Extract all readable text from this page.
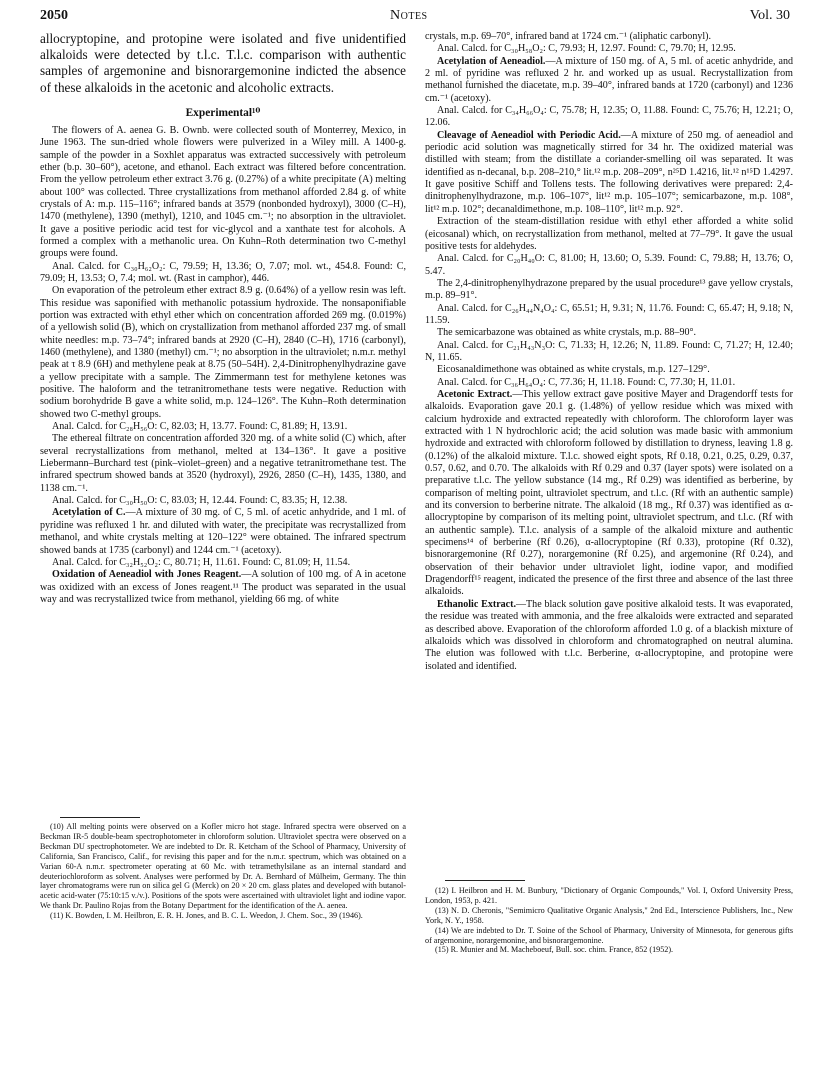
2050	Notes	Vol. 30

allocryptopine, and protopine were isolated and five unidentified alkaloids were detected by t.l.c. T.l.c. comparison with authentic samples of argemonine and bisnorargemonine indicted the absence of these alkaloids in the acetonic and alcoholic extracts.

Experimental¹⁰

The flowers of A. aenea G. B. Ownb. were collected south of Monterrey, Mexico, in June 1963. The sun-dried whole flowers were pulverized in a Wiley mill. A 1400-g. sample of the powder in a Soxhlet apparatus was extracted successively with petroleum ether (b.p. 30–60°), acetone, and ethanol. Each extract was filtered before concentration. From the yellow petroleum ether extract 3.76 g. (0.27%) of a white precipitate (A) melting about 100° was collected. Three crystallizations from methanol afforded 2.84 g. of white crystals of A: m.p. 115–116°; infrared bands at 3579 (nonbonded hydroxyl), 3000 (C–H), 1470 (methylene), 1390 (methyl), 1210, and 1045 cm.⁻¹; no absorption in the ultraviolet. It gave a positive periodic acid test for vic-glycol and a xanthate test for alcohols. A formed a complex with a methanolic urea. On Kuhn–Roth determination two C-methyl groups were found.

Anal. Calcd. for C₃₀H₆₂O₂: C, 79.59; H, 13.36; O, 7.07; mol. wt., 454.8. Found: C, 79.09; H, 13.53; O, 7.4; mol. wt. (Rast in camphor), 446.

On evaporation of the petroleum ether extract 8.9 g. (0.64%) of a yellow resin was left. This residue was saponified with methanolic potassium hydroxide. The nonsaponifiable portion was extracted with ethyl ether which on concentration afforded 269 mg. (0.019%) of a yellowish solid (B), which on crystallization from methanol afforded 237 mg. of small white needles: m.p. 73–74°; infrared bands at 2920 (C–H), 2840 (C–H), 1716 (carbonyl), 1460 (methylene), and 1380 (methyl) cm.⁻¹; no absorption in the ultraviolet; n.m.r. methyl peak at τ 8.9 (6H) and methylene peak at 8.75 (50–54H). 2,4-Dinitrophenylhydrazine gave a yellow precipitate with a sample. The Zimmermann test for methylene ketones was positive. The haloform and the tetranitromethane tests were negative. Reduction with sodium borohydride B gave a white solid, m.p. 124–126°. The Kuhn–Roth determination showed two C-methyl groups.

Anal. Calcd. for C₂₈H₅₆O: C, 82.03; H, 13.77. Found: C, 81.89; H, 13.91.

The ethereal filtrate on concentration afforded 320 mg. of a white solid (C) which, after several recrystallizations from methanol, melted at 134–136°. It gave a positive Liebermann–Burchard test (pink–violet–green) and a negative tetranitromethane test. The infrared spectrum showed bands at 3520 (hydroxyl), 2926, 2850 (C–H), 1435, 1380, and 1138 cm.⁻¹.

Anal. Calcd. for C₃₀H₅₀O: C, 83.03; H, 12.44. Found: C, 83.35; H, 12.38.

Acetylation of C.—A mixture of 30 mg. of C, 5 ml. of acetic anhydride, and 1 ml. of pyridine was refluxed 1 hr. and diluted with water, the precipitate was recrystallized from methanol, and white crystals melting at 120–122° were obtained. The infrared spectrum showed bands at 1735 (carbonyl) and 1244 cm.⁻¹ (acetoxy).

Anal. Calcd. for C₃₂H₅₂O₂: C, 80.71; H, 11.61. Found: C, 81.09; H, 11.54.

Oxidation of Aeneadiol with Jones Reagent.—A solution of 100 mg. of A in acetone was oxidized with an excess of Jones reagent.¹¹ The product was separated in the usual way and was recrystallized twice from methanol, yielding 66 mg. of white

crystals, m.p. 69–70°, infrared band at 1724 cm.⁻¹ (aliphatic carbonyl).

Anal. Calcd. for C₃₀H₅₈O₂: C, 79.93; H, 12.97. Found: C, 79.70; H, 12.95.

Acetylation of Aeneadiol.—A mixture of 150 mg. of A, 5 ml. of acetic anhydride, and 2 ml. of pyridine was refluxed 2 hr. and worked up as usual. Recrystallization from methanol furnished the diacetate, m.p. 39–40°, infrared bands at 1720 (carbonyl) and 1236 cm.⁻¹ (acetoxy).

Anal. Calcd. for C₃₄H₆₆O₄: C, 75.78; H, 12.35; O, 11.88. Found: C, 75.76; H, 12.21; O, 12.06.

Cleavage of Aeneadiol with Periodic Acid.—A mixture of 250 mg. of aeneadiol and periodic acid solution was magnetically stirred for 34 hr. The oxidized material was distilled with steam; from the distillate a coriander-smelling oil was separated. It was identified as n-decanal, b.p. 208–210,° lit.¹² m.p. 208–209°, n²⁵D 1.4216, lit.¹² n¹⁵D 1.4297. It gave positive Schiff and Tollens tests. The following derivatives were prepared: 2,4-dinitrophenylhydrazone, m.p. 106–107°, lit¹² m.p. 105–107°; semicarbazone, m.p. 108°, lit¹² m.p. 102°; decanaldimethone, m.p. 108–110°, lit¹² m.p. 92°.

Extraction of the steam-distillation residue with ethyl ether afforded a white solid (eicosanal) which, on recrystallization from methanol, melted at 77–79°. It gave the usual positive tests for aldehydes.

Anal. Calcd. for C₂₀H₄₀O: C, 81.00; H, 13.60; O, 5.39. Found: C, 79.88; H, 13.76; O, 5.47.

The 2,4-dinitrophenylhydrazone prepared by the usual procedure¹³ gave yellow crystals, m.p. 89–91°.

Anal. Calcd. for C₂₆H₄₄N₄O₄: C, 65.51; H, 9.31; N, 11.76. Found: C, 65.47; H, 9.18; N, 11.59.

The semicarbazone was obtained as white crystals, m.p. 88–90°.

Anal. Calcd. for C₂₁H₄₃N₃O: C, 71.33; H, 12.26; N, 11.89. Found: C, 71.27; H, 12.40; N, 11.65.

Eicosanaldimethone was obtained as white crystals, m.p. 127–129°.

Anal. Calcd. for C₃₆H₆₄O₄: C, 77.36; H, 11.18. Found: C, 77.30; H, 11.01.

Acetonic Extract.—This yellow extract gave positive Mayer and Dragendorff tests for alkaloids. Evaporation gave 20.1 g. (1.48%) of yellow residue which was mixed with calcium hydroxide and extracted repeatedly with chloroform. The chloroform layer was extracted with 1 N hydrochloric acid; the acid solution was made basic with ammonium hydroxide and extracted with chloroform followed by distillation to dryness, leaving 1.8 g. (0.12%) of the alkaloid mixture. T.l.c. showed eight spots, Rf 0.18, 0.21, 0.25, 0.29, 0.37, 0.57, 0.62, and 0.70. The alkaloids with Rf 0.29 and 0.37 (layer spots) were isolated on a preparative t.l.c. The yellow substance (14 mg., Rf 0.29) was identified as berberine, by comparison of melting point, ultraviolet spectrum, and t.l.c. (Rf with an authentic sample) and its conversion to berberine nitrate. The alkaloid (18 mg., Rf 0.37) was identified as α-allocryptopine by comparison of its melting point, ultraviolet spectrum, and t.l.c. (Rf with an authentic sample). T.l.c. analysis of a sample of the alkaloid mixture and authentic specimens¹⁴ of berberine (Rf 0.26), α-allocryptopine (Rf 0.33), protopine (Rf 0.32), bisnorargemonine (Rf 0.27), norargemonine (Rf 0.25), and argemonine (Rf 0.24), and observation of their behavior under ultraviolet light, iodine vapor, and modified Dragendorff¹⁵ reagent, indicated the presence of the first three and absence of the last three alkaloids.

Ethanolic Extract.—The black solution gave positive alkaloid tests. It was evaporated, the residue was treated with ammonia, and the free alkaloids were extracted and separated as described above. Evaporation of the chloroform afforded 1.0 g. of a blackish mixture of alkaloids which was dissolved in chloroform and chromatographed on neutral alumina. The elution was followed with t.l.c. Berberine, α-allocryptopine, and protopine were isolated and identified.

(10) All melting points were observed on a Kofler micro hot stage. Infrared spectra were observed on a Beckman IR-5 double-beam spectrophotometer in chloroform solution. Ultraviolet spectra were observed on a Beckman DU spectrophotometer. We are indebted to Dr. R. Ketcham of the School of Pharmacy, University of California, San Francisco, Calif., for revising this paper and for the n.m.r. spectrum, which was obtained on a Varian 60-A n.m.r. spectrometer operating at 60 Mc. with tetramethylsilane as an internal standard and deuteriochloroform as solvent. Analyses were performed by Dr. A. Bernhard of Mülheim, Germany. The thin layer chromatograms were run on silica gel G (Merck) on 20 × 20 cm. glass plates and developed with butanol-acetic acid-water (75:10:15 v./v.). Positions of the spots were ascertained with ultraviolet light and iodine vapor. We thank Dr. Paulino Rojas from the Botany Department for the identification of the A. aenea.

(11) K. Bowden, I. M. Heilbron, E. R. H. Jones, and B. C. L. Weedon, J. Chem. Soc., 39 (1946).

(12) I. Heilbron and H. M. Bunbury, "Dictionary of Organic Compounds," Vol. I, Oxford University Press, London, 1953, p. 421.

(13) N. D. Cheronis, "Semimicro Qualitative Organic Analysis," 2nd Ed., Interscience Publishers, Inc., New York, N. Y., 1958.

(14) We are indebted to Dr. T. Soine of the School of Pharmacy, University of Minnesota, for generous gifts of argemonine, norargemonine, and bisnorargemonine.

(15) R. Munier and M. Macheboeuf, Bull. soc. chim. France, 852 (1952).
